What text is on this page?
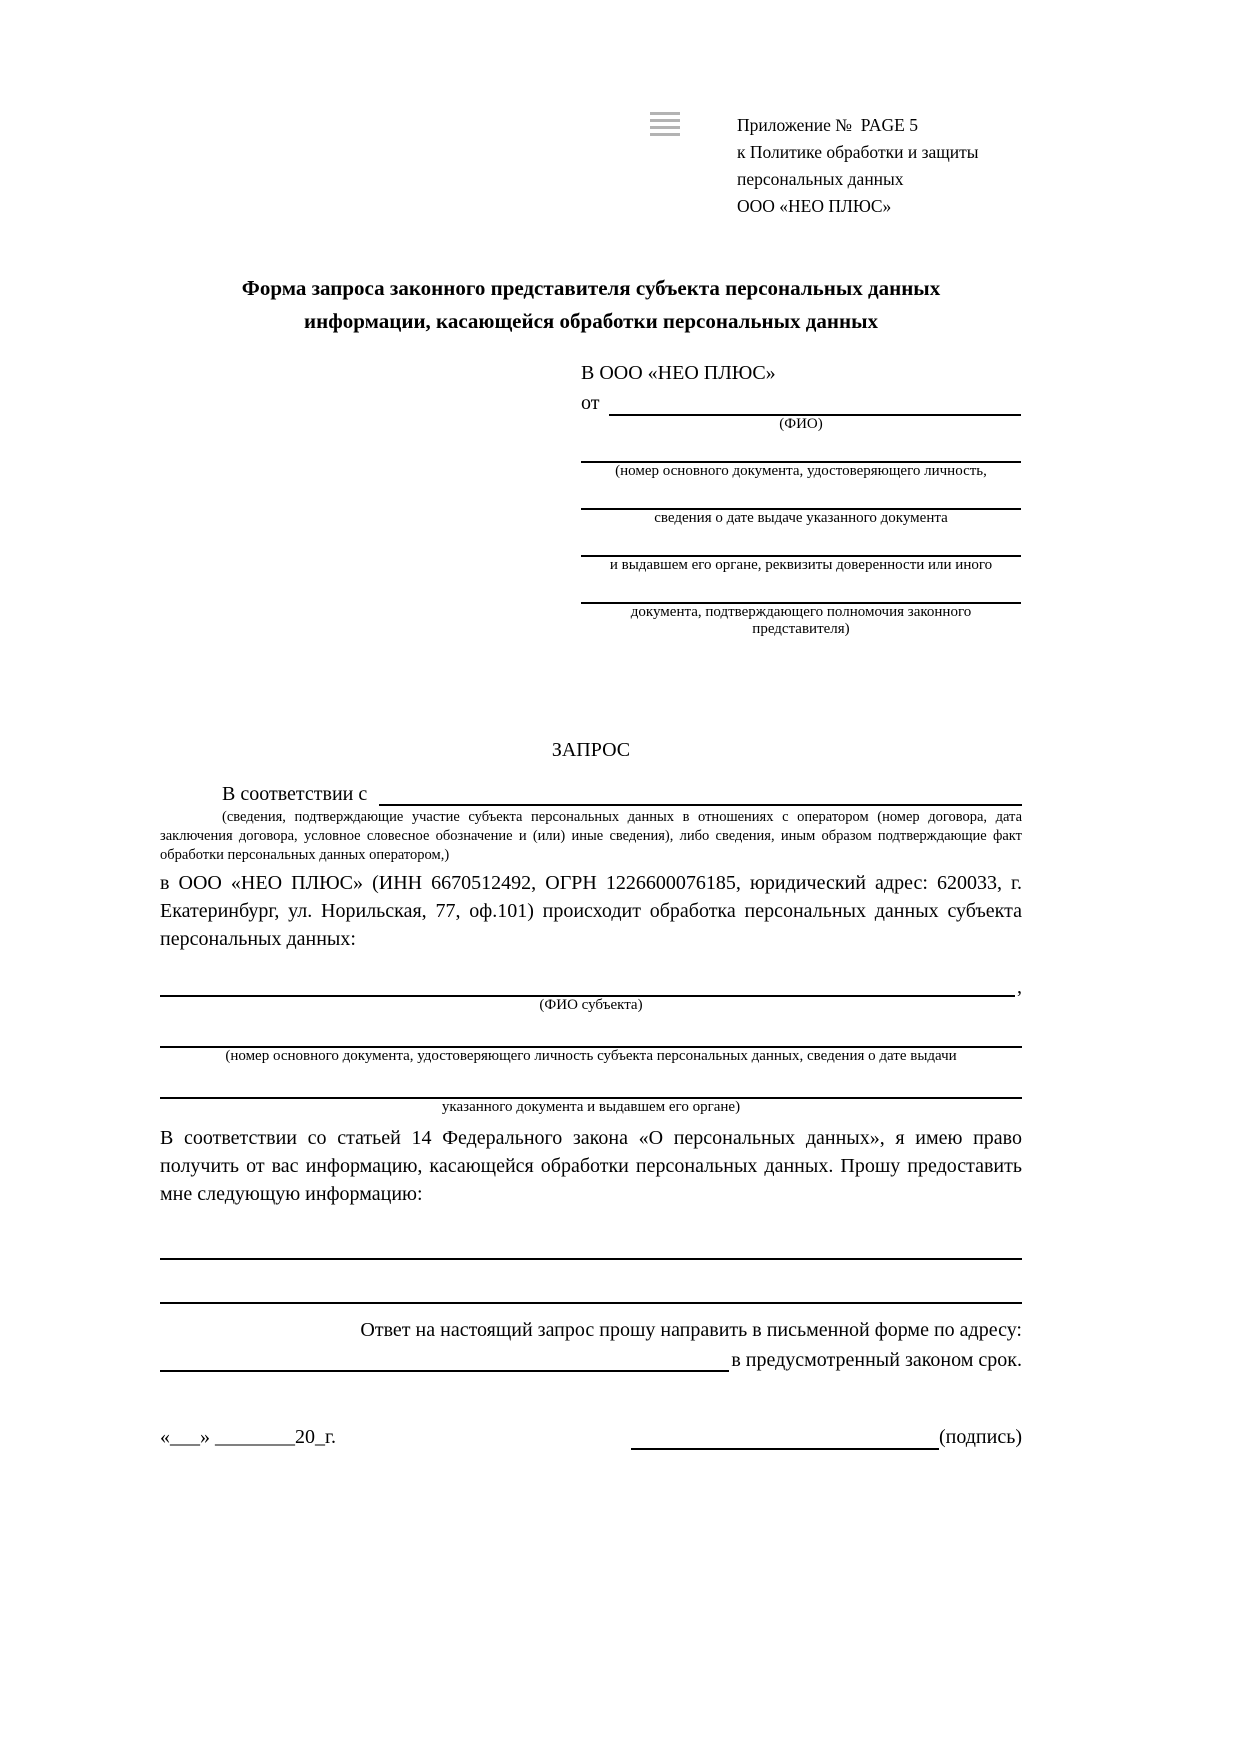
Приложение №  PAGE 5
к Политике обработки и защиты
персональных данных
ООО «НЕО ПЛЮС»
Форма запроса законного представителя субъекта персональных данных
информации, касающейся обработки персональных данных
В ООО «НЕО ПЛЮС»
от
(ФИО)
(номер основного документа, удостоверяющего личность,
сведения о дате выдаче указанного документа
и выдавшем его органе, реквизиты доверенности или иного
документа, подтверждающего полномочия законного представителя)
ЗАПРОС
В соответствии с
(сведения, подтверждающие участие субъекта персональных данных в отношениях с оператором (номер договора, дата заключения договора, условное словесное обозначение и (или) иные сведения), либо сведения, иным образом подтверждающие факт обработки персональных данных оператором,)

в ООО «НЕО ПЛЮС» (ИНН 6670512492, ОГРН 1226600076185, юридический адрес: 620033, г. Екатеринбург, ул. Норильская, 77, оф.101) происходит обработка персональных данных субъекта персональных данных:

,
(ФИО субъекта)
(номер основного документа, удостоверяющего личность субъекта персональных данных, сведения о дате выдачи
указанного документа и выдавшем его органе)

В соответствии со статьей 14 Федерального закона «О персональных данных», я имею право получить от вас информацию, касающейся обработки персональных данных. Прошу предоставить мне следующую информацию:

Ответ на настоящий запрос прошу направить в письменной форме по адресу:
в предусмотренный законом срок.
«___» ________20_г.	(подпись)
